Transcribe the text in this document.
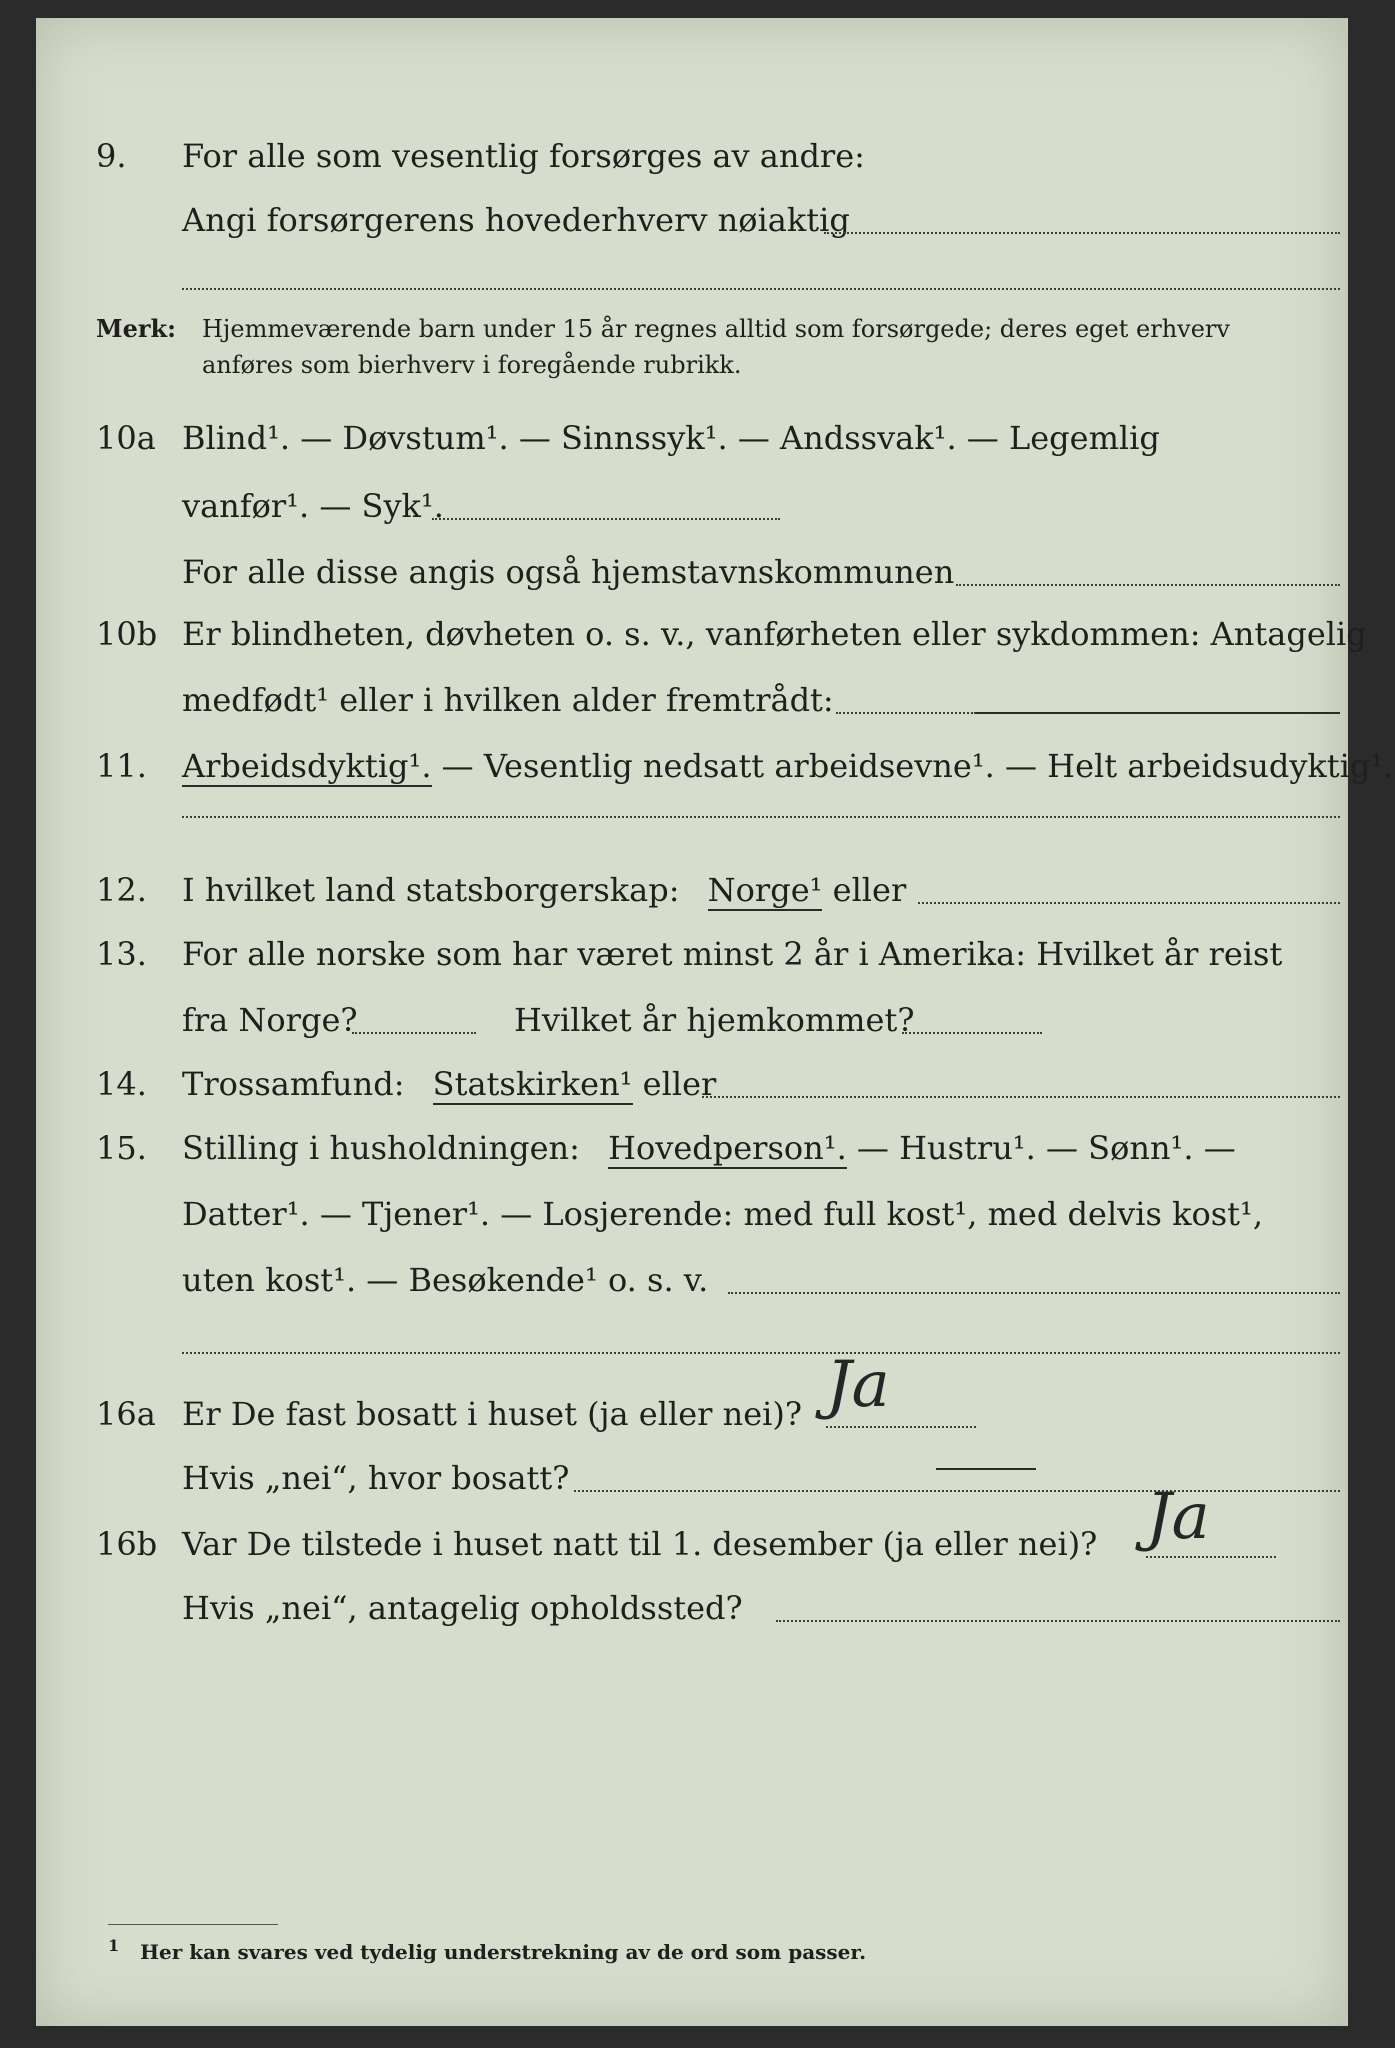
9.	For alle som vesentlig forsørges av andre:
Angi forsørgerens hovederhverv nøiaktig
Merk: Hjemmeværende barn under 15 år regnes alltid som forsørgede; deres eget erhverv
anføres som bierhverv i foregående rubrikk.
10a Blind¹. — Døvstum¹. — Sinnssyk¹. — Andssvak¹. — Legemlig
vanfør¹. — Syk¹.
For alle disse angis også hjemstavnskommunen
10b Er blindheten, døvheten o. s. v., vanførheten eller sykdommen: Antagelig
medfødt¹ eller i hvilken alder fremtrådt:
11.	Arbeidsdyktig¹. — Vesentlig nedsatt arbeidsevne¹. — Helt arbeidsudyktig¹.
12.	I hvilket land statsborgerskap: Norge¹ eller
13.	For alle norske som har været minst 2 år i Amerika: Hvilket år reist
fra Norge?	Hvilket år hjemkommet?
14.	Trossamfund: Statskirken¹ eller
15.	Stilling i husholdningen: Hovedperson¹. — Hustru¹. — Sønn¹. —
Datter¹. — Tjener¹. — Losjerende: med full kost¹, med delvis kost¹,
uten kost¹. — Besøkende¹ o. s. v.
16a Er De fast bosatt i huset (ja eller nei)? Ja
Hvis „nei“, hvor bosatt?
16b Var De tilstede i huset natt til 1. desember (ja eller nei)? Ja
Hvis „nei“, antagelig opholdssted?
$^1$ Her kan svares ved tydelig understrekning av de ord som passer.
